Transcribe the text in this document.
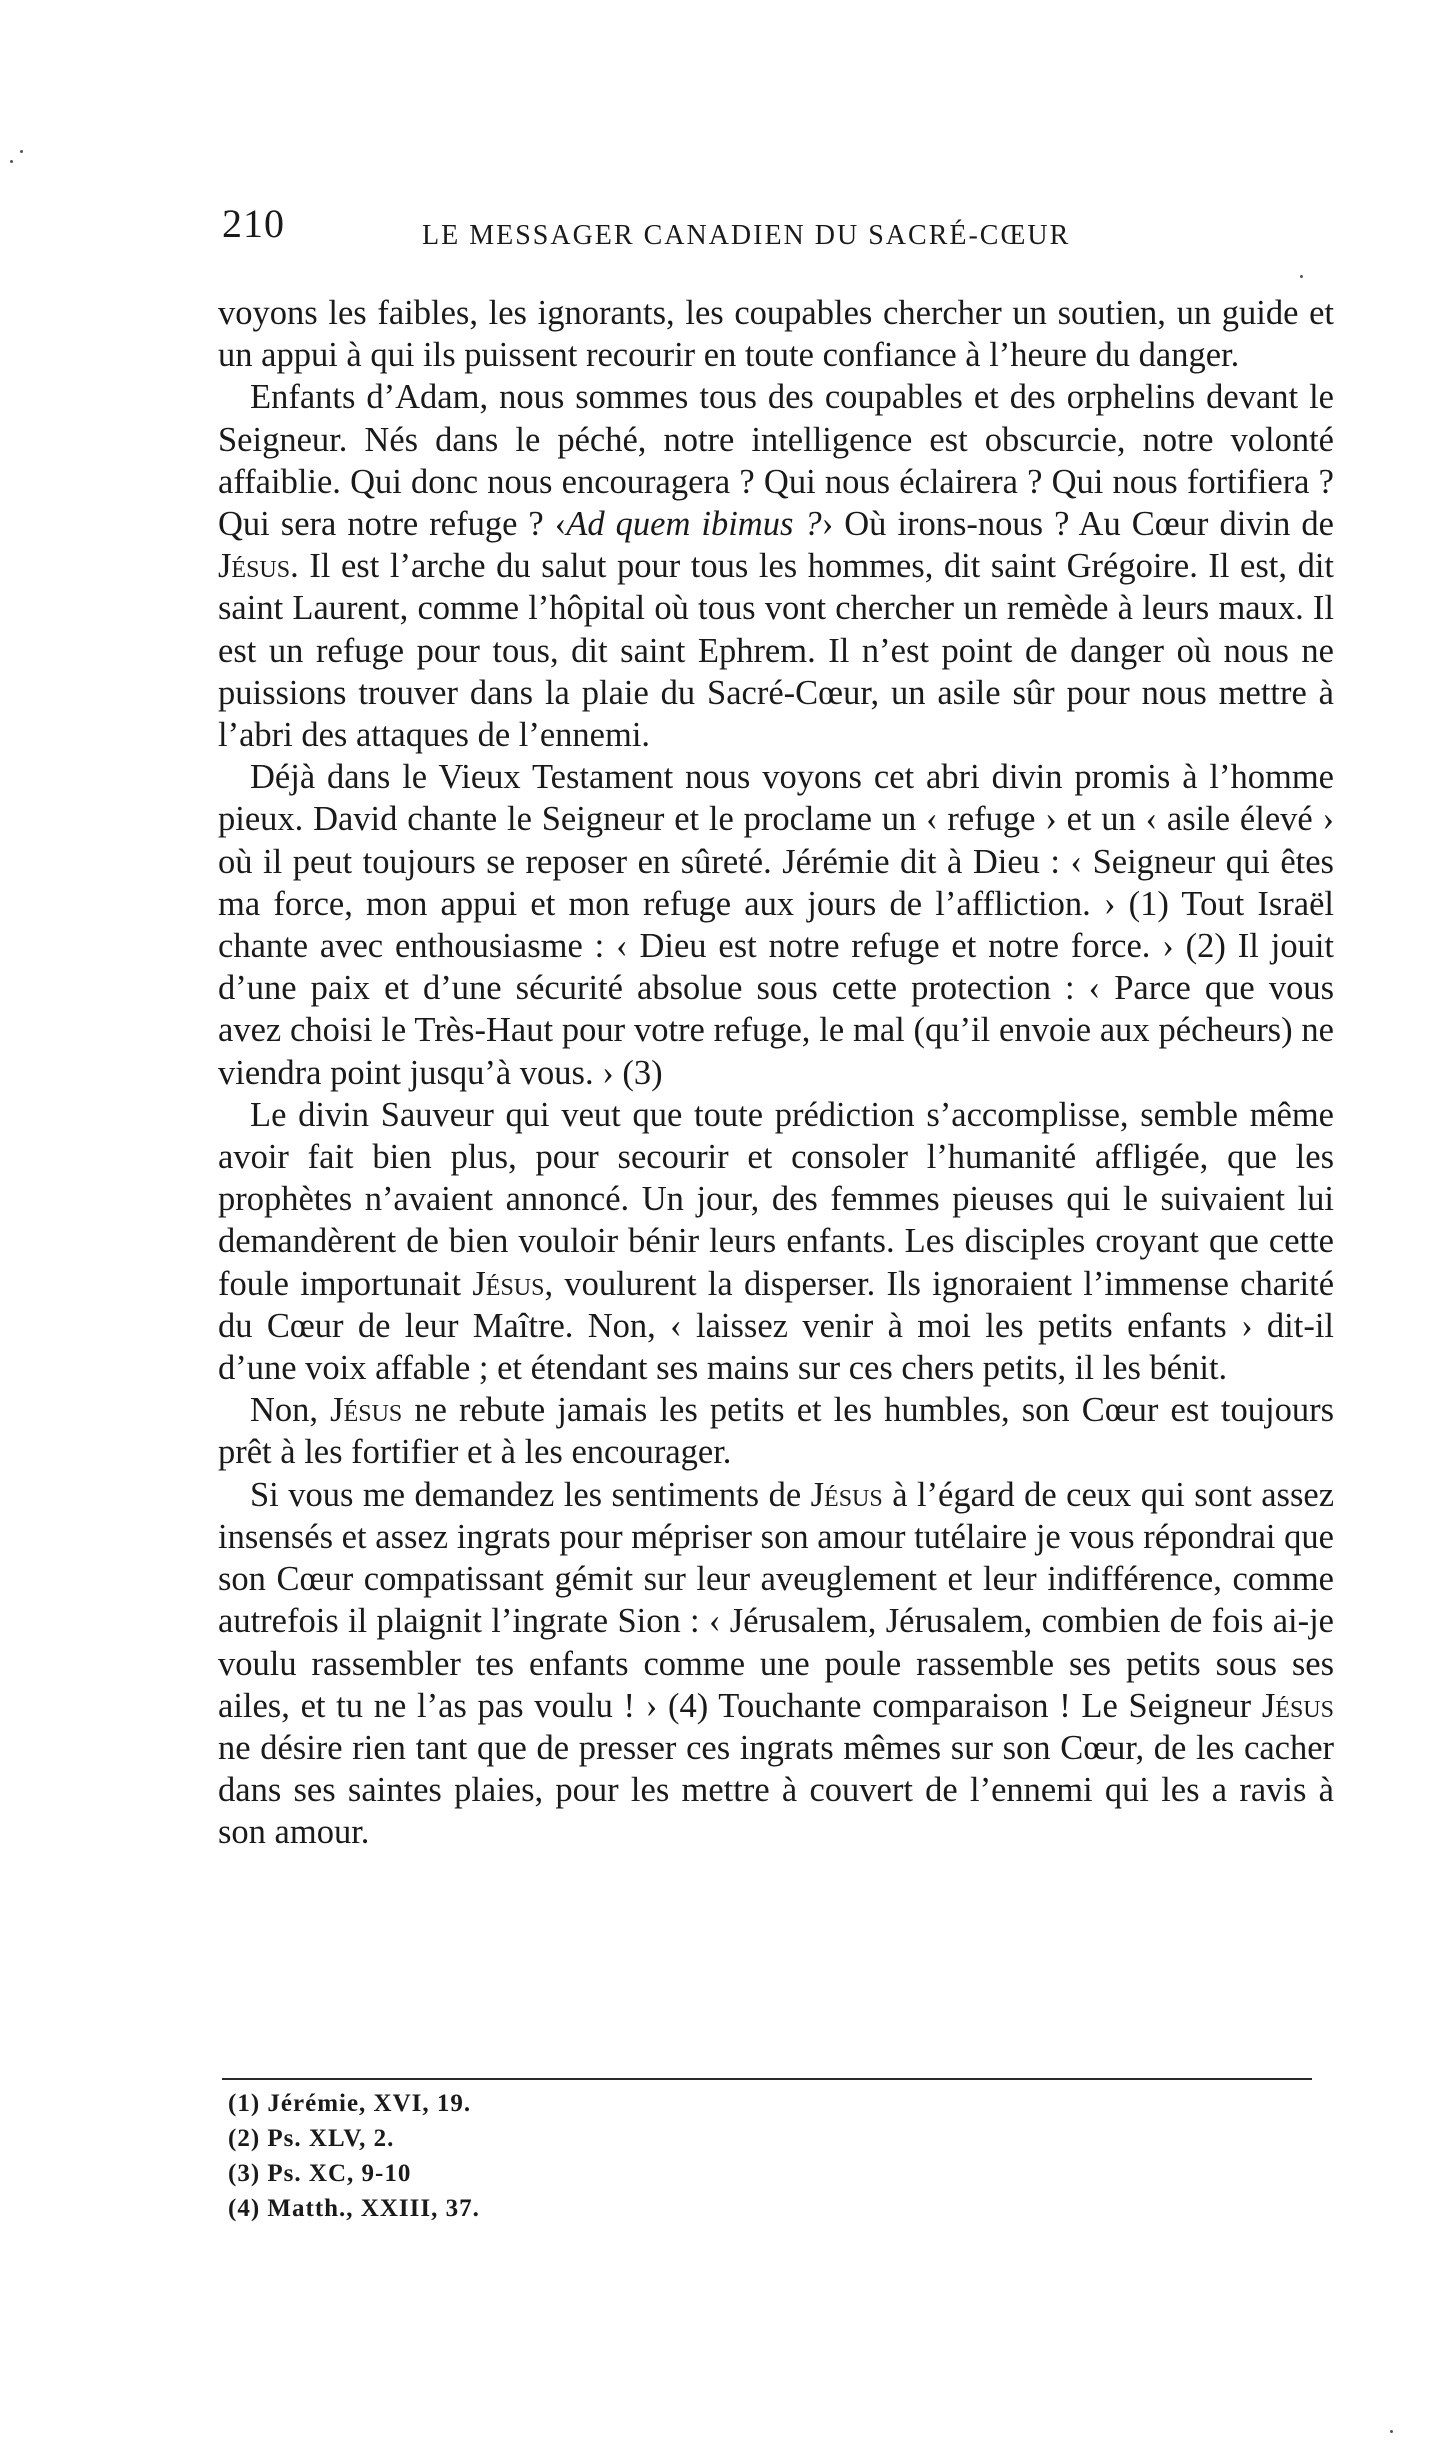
210	LE MESSAGER CANADIEN DU SACRÉ-CŒUR

voyons les faibles, les ignorants, les coupables chercher un soutien, un guide et un appui à qui ils puissent recourir en toute confiance à l’heure du danger.

Enfants d’Adam, nous sommes tous des coupables et des orphelins devant le Seigneur. Nés dans le péché, notre intelligence est obscurcie, notre volonté affaiblie. Qui donc nous encouragera ? Qui nous éclairera ? Qui nous fortifiera ? Qui sera notre refuge ? ‹Ad quem ibimus ?› Où irons-nous ? Au Cœur divin de Jésus. Il est l’arche du salut pour tous les hommes, dit saint Grégoire. Il est, dit saint Laurent, comme l’hôpital où tous vont chercher un remède à leurs maux. Il est un refuge pour tous, dit saint Ephrem. Il n’est point de danger où nous ne puissions trouver dans la plaie du Sacré-Cœur, un asile sûr pour nous mettre à l’abri des attaques de l’ennemi.

Déjà dans le Vieux Testament nous voyons cet abri divin promis à l’homme pieux. David chante le Seigneur et le proclame un ‹ refuge › et un ‹ asile élevé › où il peut toujours se reposer en sûreté. Jérémie dit à Dieu : ‹ Seigneur qui êtes ma force, mon appui et mon refuge aux jours de l’affliction. › (1) Tout Israël chante avec enthousiasme : ‹ Dieu est notre refuge et notre force. › (2) Il jouit d’une paix et d’une sécurité absolue sous cette protection : ‹ Parce que vous avez choisi le Très-Haut pour votre refuge, le mal (qu’il envoie aux pécheurs) ne viendra point jusqu’à vous. › (3)

Le divin Sauveur qui veut que toute prédiction s’accomplisse, semble même avoir fait bien plus, pour secourir et consoler l’humanité affligée, que les prophètes n’avaient annoncé. Un jour, des femmes pieuses qui le suivaient lui demandèrent de bien vouloir bénir leurs enfants. Les disciples croyant que cette foule importunait Jésus, voulurent la disperser. Ils ignoraient l’immense charité du Cœur de leur Maître. Non, ‹ laissez venir à moi les petits enfants › dit-il d’une voix affable ; et étendant ses mains sur ces chers petits, il les bénit.

Non, Jésus ne rebute jamais les petits et les humbles, son Cœur est toujours prêt à les fortifier et à les encourager.

Si vous me demandez les sentiments de Jésus à l’égard de ceux qui sont assez insensés et assez ingrats pour mépriser son amour tutélaire je vous répondrai que son Cœur compatissant gémit sur leur aveuglement et leur indifférence, comme autrefois il plaignit l’ingrate Sion : ‹ Jérusalem, Jérusalem, combien de fois ai-je voulu rassembler tes enfants comme une poule rassemble ses petits sous ses ailes, et tu ne l’as pas voulu ! › (4) Touchante comparaison ! Le Seigneur Jésus ne désire rien tant que de presser ces ingrats mêmes sur son Cœur, de les cacher dans ses saintes plaies, pour les mettre à couvert de l’ennemi qui les a ravis à son amour.

(1) Jérémie, XVI, 19.
(2) Ps. XLV, 2.
(3) Ps. XC, 9-10
(4) Matth., XXIII, 37.
